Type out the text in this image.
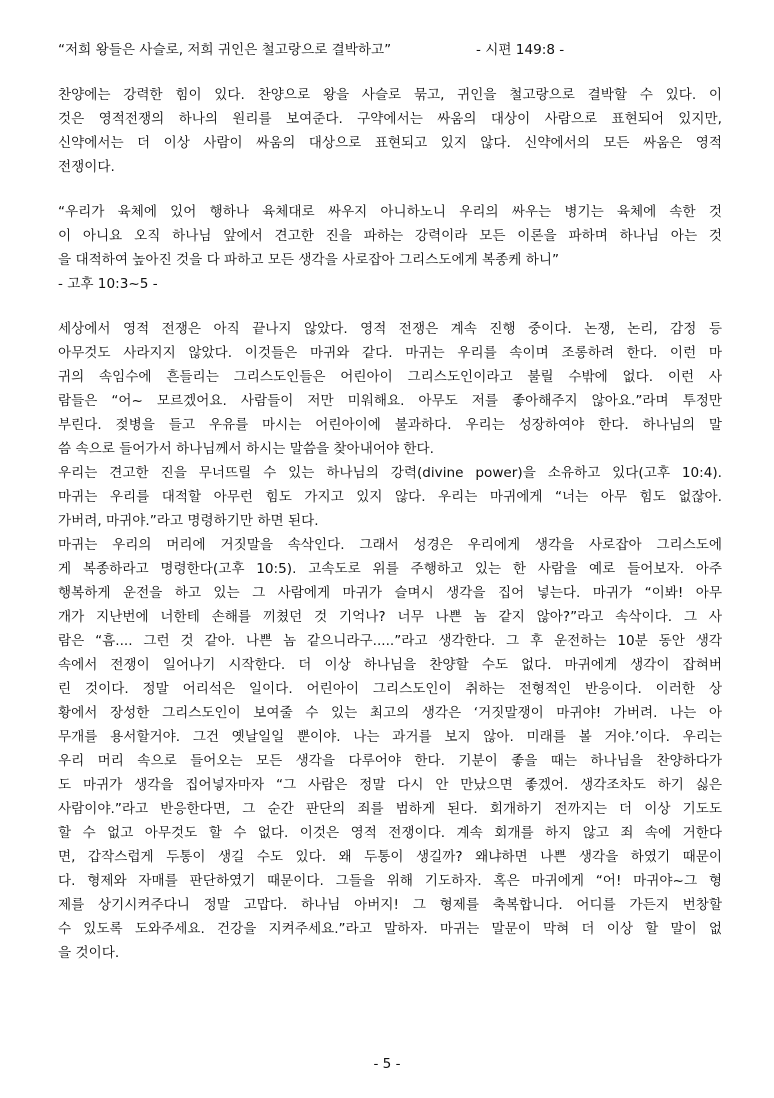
“저희 왕들은 사슬로, 저희 귀인은 철고랑으로 결박하고”	- 시편 149:8 -
찬양에는 강력한 힘이 있다. 찬양으로 왕을 사슬로 묶고, 귀인을 철고랑으로 결박할 수 있다. 이
것은 영적전쟁의 하나의 원리를 보여준다. 구약에서는 싸움의 대상이 사람으로 표현되어 있지만,
신약에서는 더 이상 사람이 싸움의 대상으로 표현되고 있지 않다. 신약에서의 모든 싸움은 영적
전쟁이다.
“우리가 육체에 있어 행하나 육체대로 싸우지 아니하노니 우리의 싸우는 병기는 육체에 속한 것
이 아니요 오직 하나님 앞에서 견고한 진을 파하는 강력이라 모든 이론을 파하며 하나님 아는 것
을 대적하여 높아진 것을 다 파하고 모든 생각을 사로잡아 그리스도에게 복종케 하니”
- 고후 10:3~5 -
세상에서 영적 전쟁은 아직 끝나지 않았다. 영적 전쟁은 계속 진행 중이다. 논쟁, 논리, 감정 등
아무것도 사라지지 않았다. 이것들은 마귀와 같다. 마귀는 우리를 속이며 조롱하려 한다. 이런 마
귀의 속임수에 흔들리는 그리스도인들은 어린아이 그리스도인이라고 불릴 수밖에 없다. 이런 사
람들은 “어~ 모르겠어요. 사람들이 저만 미워해요. 아무도 저를 좋아해주지 않아요.”라며 투정만
부린다. 젖병을 들고 우유를 마시는 어린아이에 불과하다. 우리는 성장하여야 한다. 하나님의 말
씀 속으로 들어가서 하나님께서 하시는 말씀을 찾아내어야 한다.
우리는 견고한 진을 무너뜨릴 수 있는 하나님의 강력(divine power)을 소유하고 있다(고후 10:4).
마귀는 우리를 대적할 아무런 힘도 가지고 있지 않다. 우리는 마귀에게 “너는 아무 힘도 없잖아.
가버려, 마귀야.”라고 명령하기만 하면 된다.
마귀는 우리의 머리에 거짓말을 속삭인다. 그래서 성경은 우리에게 생각을 사로잡아 그리스도에
게 복종하라고 명령한다(고후 10:5). 고속도로 위를 주행하고 있는 한 사람을 예로 들어보자. 아주
행복하게 운전을 하고 있는 그 사람에게 마귀가 슬며시 생각을 집어 넣는다. 마귀가 “이봐! 아무
개가 지난번에 너한테 손해를 끼쳤던 것 기억나? 너무 나쁜 놈 같지 않아?”라고 속삭이다. 그 사
람은 “흠.... 그런 것 같아. 나쁜 놈 같으니라구.....”라고 생각한다. 그 후 운전하는 10분 동안 생각
속에서 전쟁이 일어나기 시작한다. 더 이상 하나님을 찬양할 수도 없다. 마귀에게 생각이 잡혀버
린 것이다. 정말 어리석은 일이다. 어린아이 그리스도인이 취하는 전형적인 반응이다. 이러한 상
황에서 장성한 그리스도인이 보여줄 수 있는 최고의 생각은 ‘거짓말쟁이 마귀야! 가버려. 나는 아
무개를 용서할거야. 그건 옛날일일 뿐이야. 나는 과거를 보지 않아. 미래를 볼 거야.’이다. 우리는
우리 머리 속으로 들어오는 모든 생각을 다루어야 한다. 기분이 좋을 때는 하나님을 찬양하다가
도 마귀가 생각을 집어넣자마자 “그 사람은 정말 다시 안 만났으면 좋겠어. 생각조차도 하기 싫은
사람이야.”라고 반응한다면, 그 순간 판단의 죄를 범하게 된다. 회개하기 전까지는 더 이상 기도도
할 수 없고 아무것도 할 수 없다. 이것은 영적 전쟁이다. 계속 회개를 하지 않고 죄 속에 거한다
면, 갑작스럽게 두통이 생길 수도 있다. 왜 두통이 생길까? 왜냐하면 나쁜 생각을 하였기 때문이
다. 형제와 자매를 판단하였기 때문이다. 그들을 위해 기도하자. 혹은 마귀에게 “어! 마귀야~그 형
제를 상기시켜주다니 정말 고맙다. 하나님 아버지! 그 형제를 축복합니다. 어디를 가든지 번창할
수 있도록 도와주세요. 건강을 지켜주세요.”라고 말하자. 마귀는 말문이 막혀 더 이상 할 말이 없
을 것이다.
- 5 -
